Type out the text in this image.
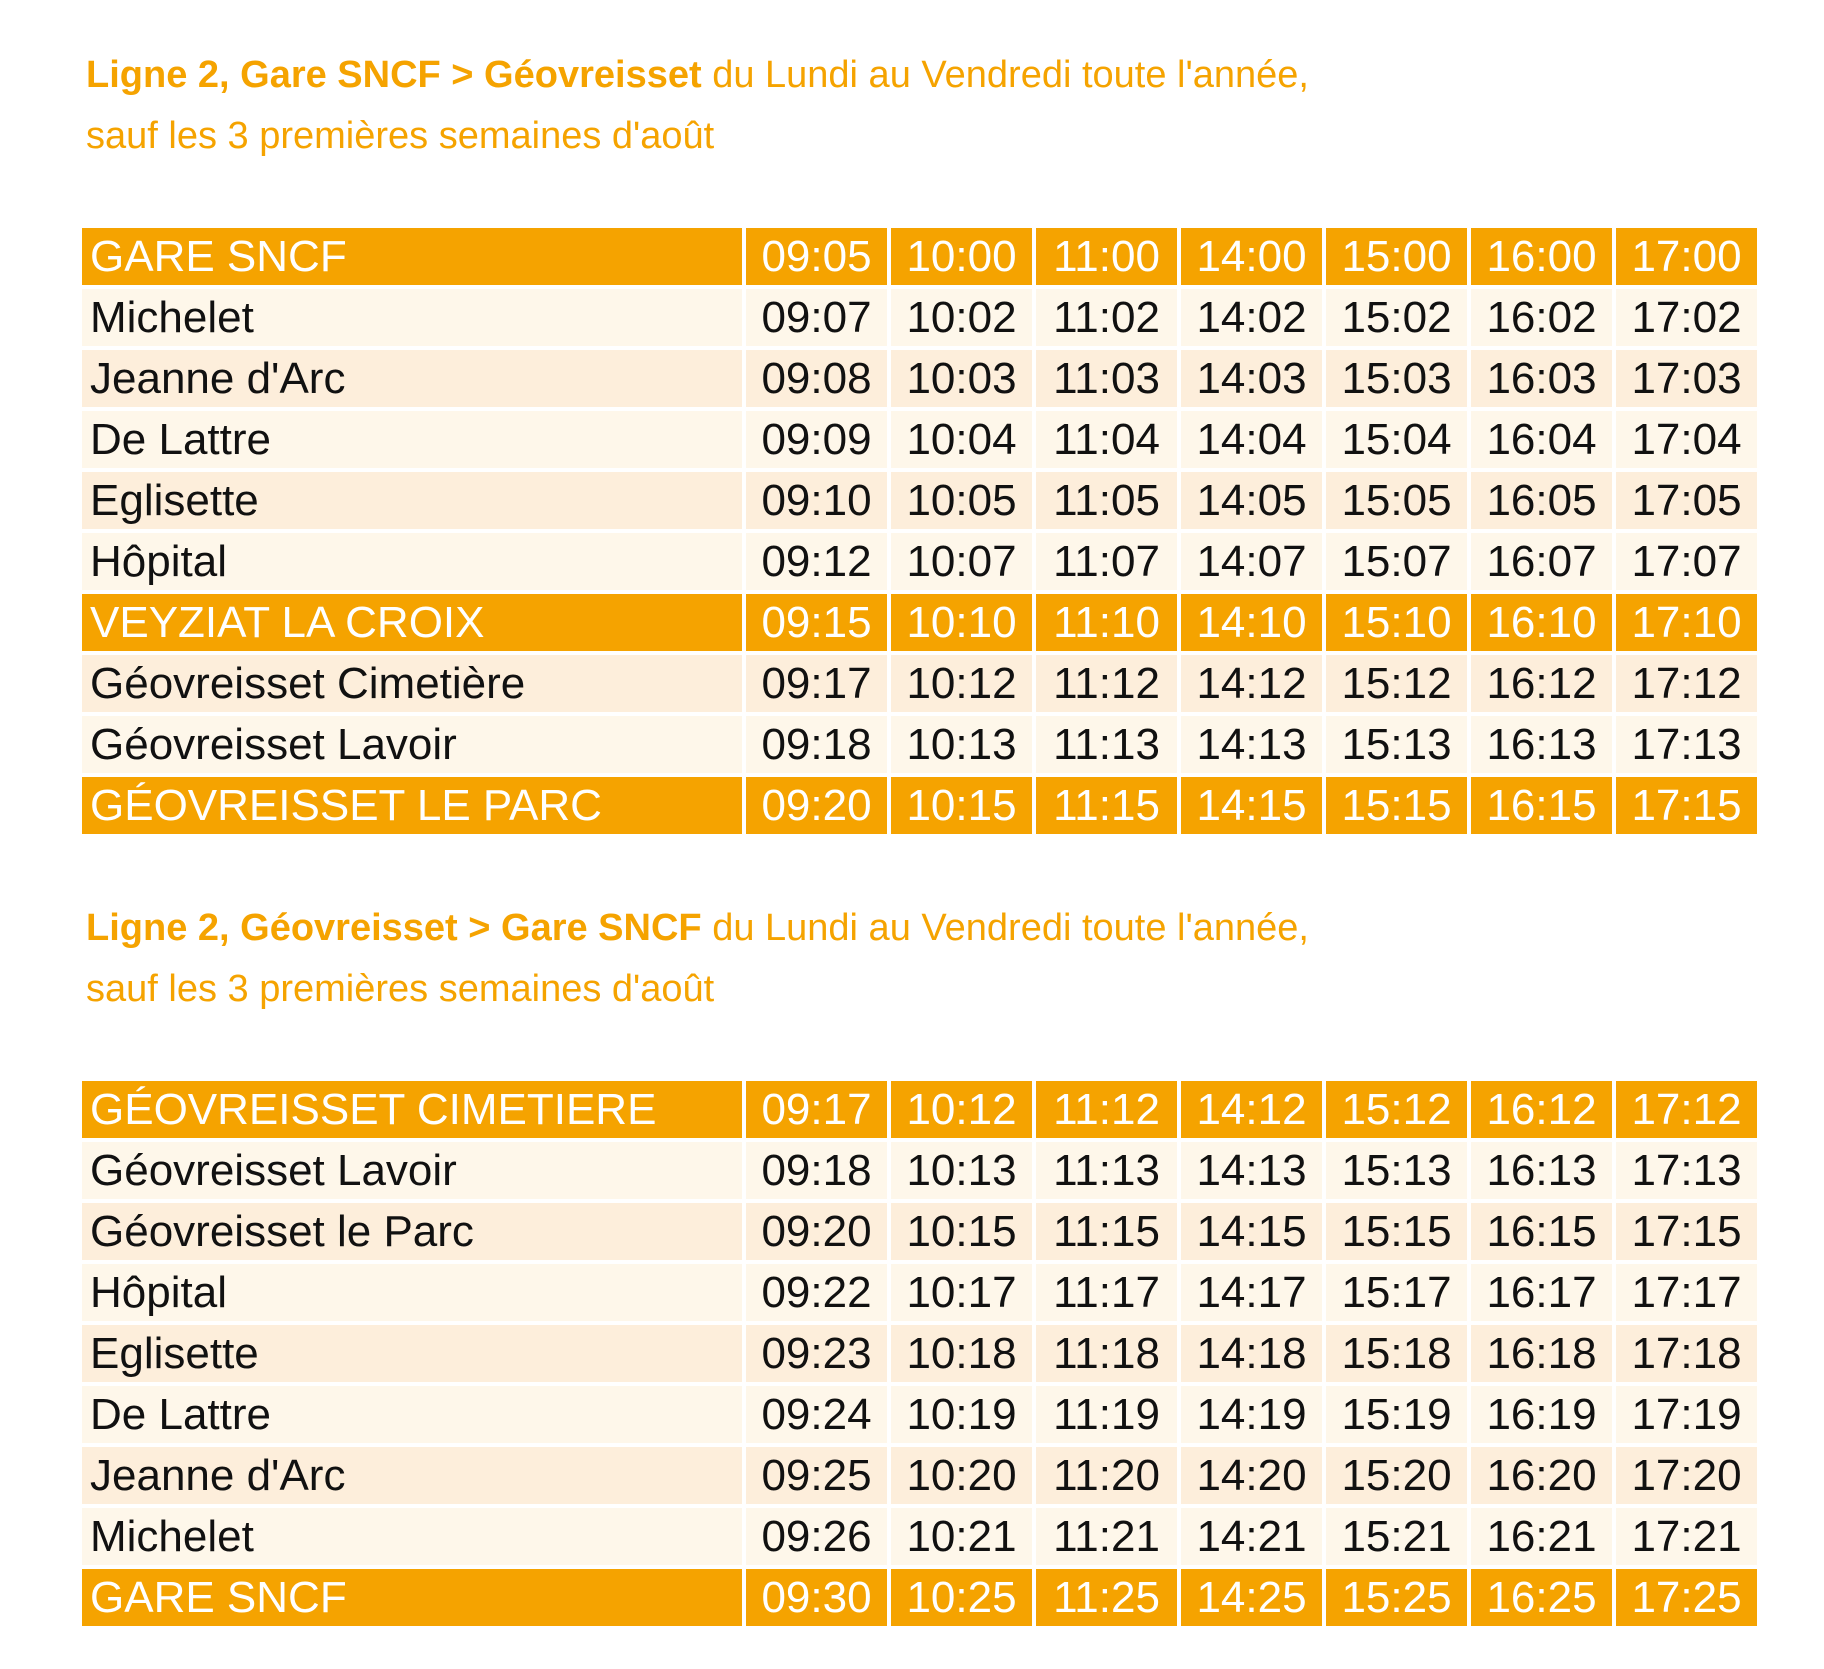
Ligne 2, Gare SNCF > Géovreisset du Lundi au Vendredi toute l'année,
sauf les 3 premières semaines d'août
GARE SNCF	09:05	10:00	11:00	14:00	15:00	16:00	17:00
Michelet	09:07	10:02	11:02	14:02	15:02	16:02	17:02
Jeanne d'Arc	09:08	10:03	11:03	14:03	15:03	16:03	17:03
De Lattre	09:09	10:04	11:04	14:04	15:04	16:04	17:04
Eglisette	09:10	10:05	11:05	14:05	15:05	16:05	17:05
Hôpital	09:12	10:07	11:07	14:07	15:07	16:07	17:07
VEYZIAT LA CROIX	09:15	10:10	11:10	14:10	15:10	16:10	17:10
Géovreisset Cimetière	09:17	10:12	11:12	14:12	15:12	16:12	17:12
Géovreisset Lavoir	09:18	10:13	11:13	14:13	15:13	16:13	17:13
GÉOVREISSET LE PARC	09:20	10:15	11:15	14:15	15:15	16:15	17:15
Ligne 2, Géovreisset > Gare SNCF du Lundi au Vendredi toute l'année,
sauf les 3 premières semaines d'août
GÉOVREISSET CIMETIERE	09:17	10:12	11:12	14:12	15:12	16:12	17:12
Géovreisset Lavoir	09:18	10:13	11:13	14:13	15:13	16:13	17:13
Géovreisset le Parc	09:20	10:15	11:15	14:15	15:15	16:15	17:15
Hôpital	09:22	10:17	11:17	14:17	15:17	16:17	17:17
Eglisette	09:23	10:18	11:18	14:18	15:18	16:18	17:18
De Lattre	09:24	10:19	11:19	14:19	15:19	16:19	17:19
Jeanne d'Arc	09:25	10:20	11:20	14:20	15:20	16:20	17:20
Michelet	09:26	10:21	11:21	14:21	15:21	16:21	17:21
GARE SNCF	09:30	10:25	11:25	14:25	15:25	16:25	17:25
